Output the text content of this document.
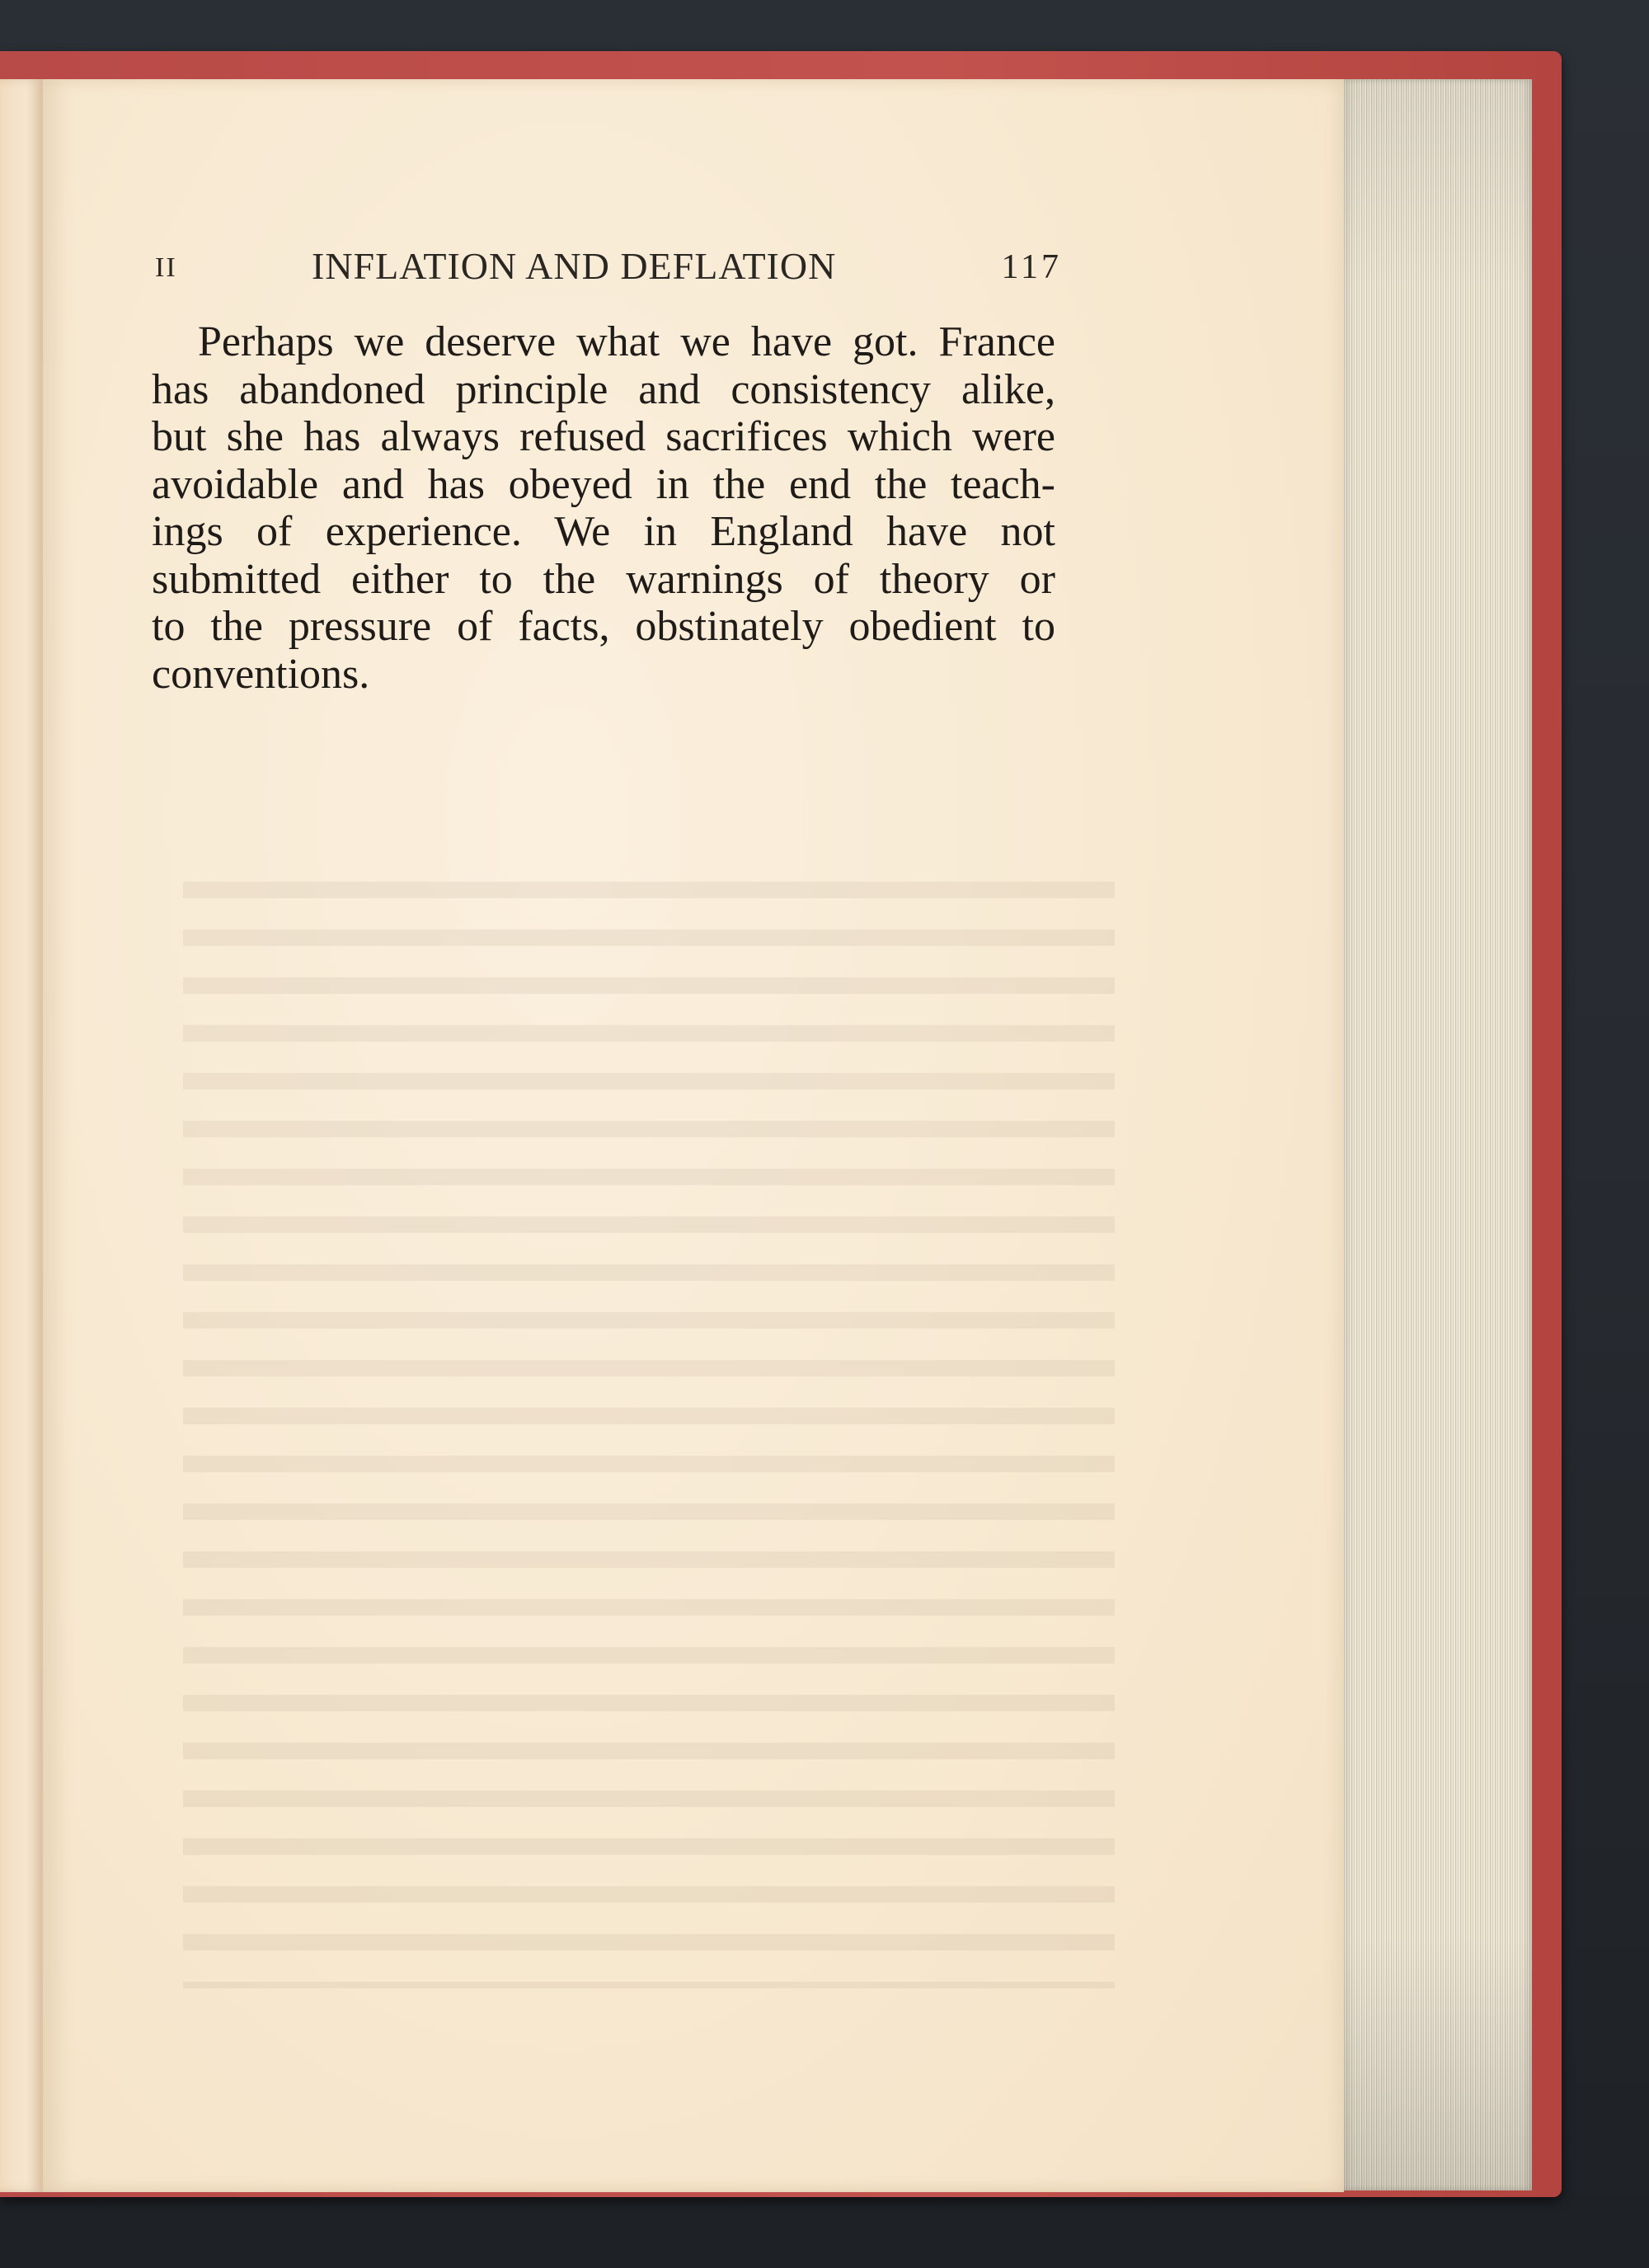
II	INFLATION AND DEFLATION	117
Perhaps we deserve what we have got. France
has abandoned principle and consistency alike,
but she has always refused sacrifices which were
avoidable and has obeyed in the end the teach-
ings of experience. We in England have not
submitted either to the warnings of theory or
to the pressure of facts, obstinately obedient to
conventions.
